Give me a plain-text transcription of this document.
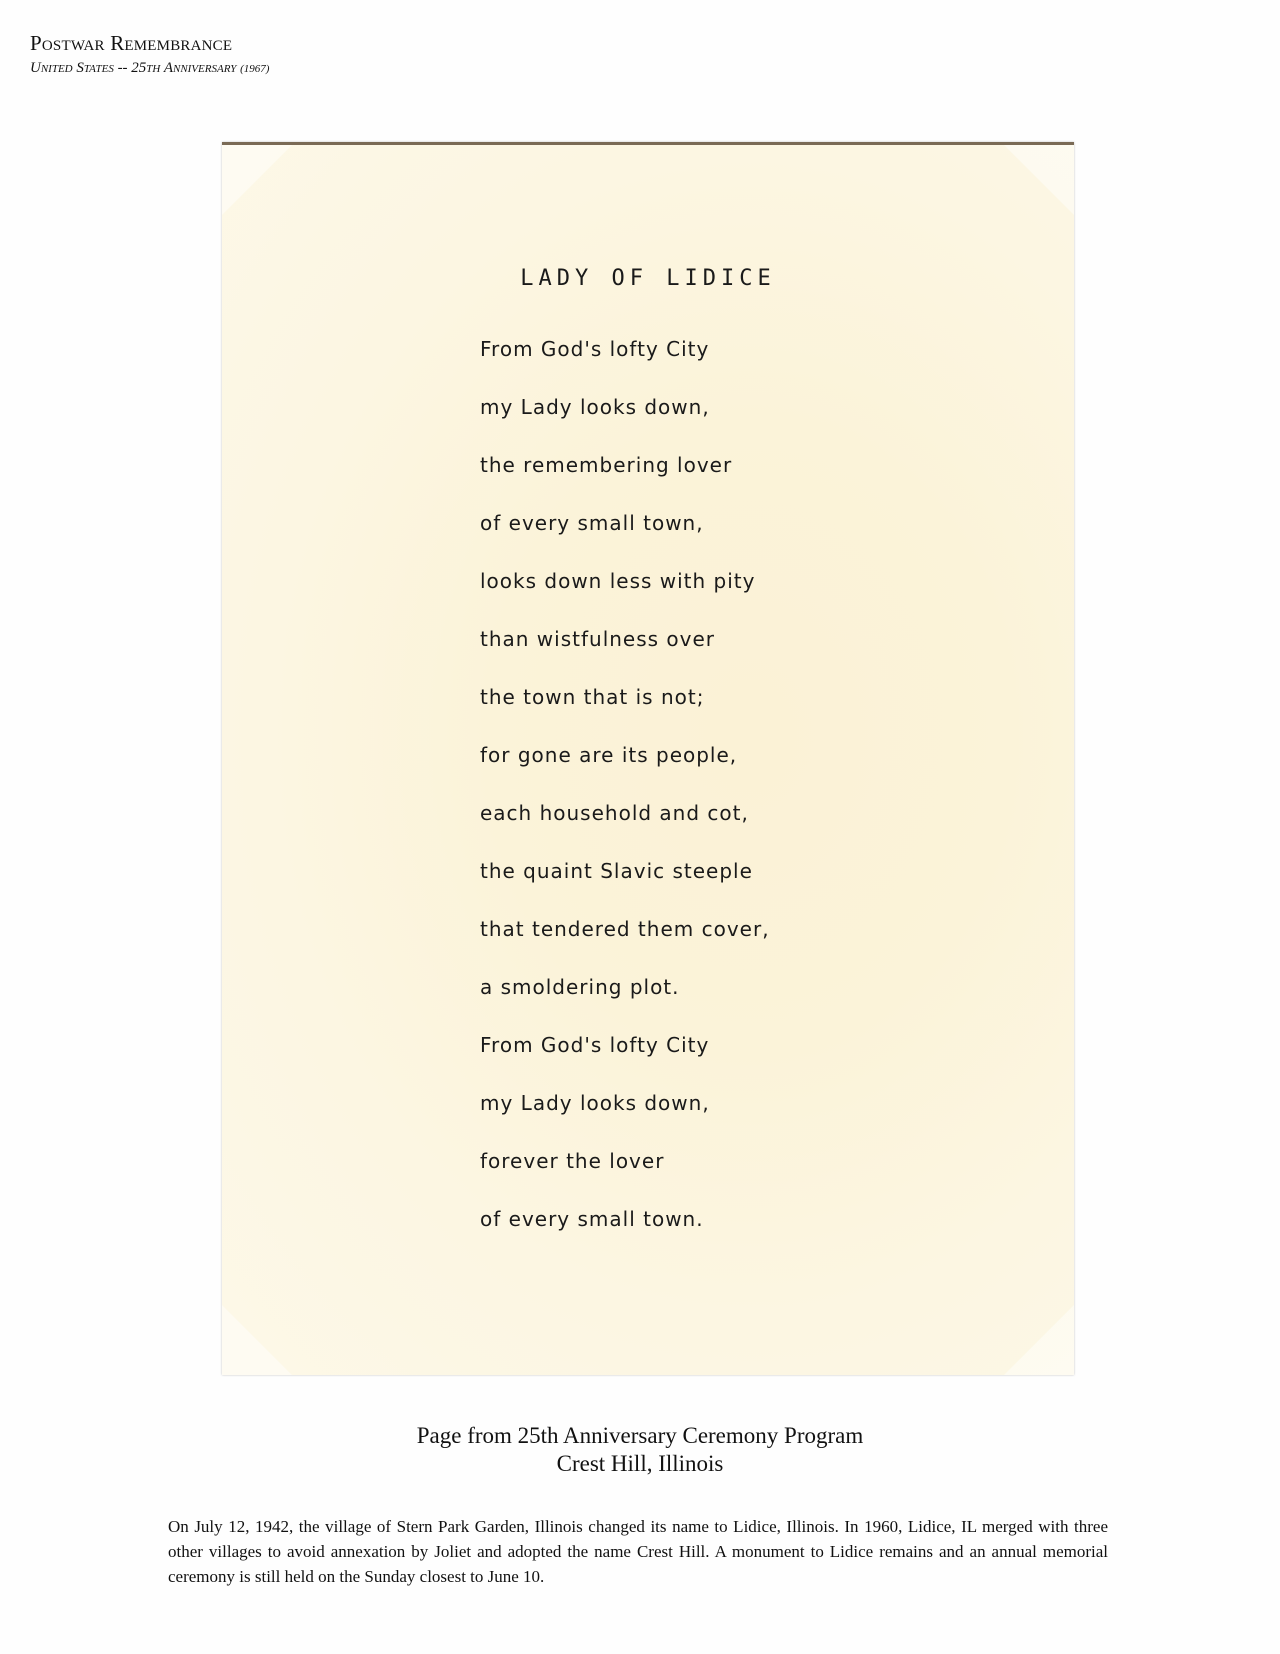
Postwar Remembrance
United States -- 25th Anniversary (1967)
LADY OF LIDICE
From God's lofty City
my Lady looks down,
the remembering lover
of every small town,
looks down less with pity
than wistfulness over
the town that is not;
for gone are its people,
each household and cot,
the quaint Slavic steeple
that tendered them cover,
a smoldering plot.
From God's lofty City
my Lady looks down,
forever the lover
of every small town.
Page from 25th Anniversary Ceremony Program
Crest Hill, Illinois
On July 12, 1942, the village of Stern Park Garden, Illinois changed its name to Lidice, Illinois. In 1960, Lidice, IL merged with three other villages to avoid annexation by Joliet and adopted the name Crest Hill. A monument to Lidice remains and an annual memorial ceremony is still held on the Sunday closest to June 10.
